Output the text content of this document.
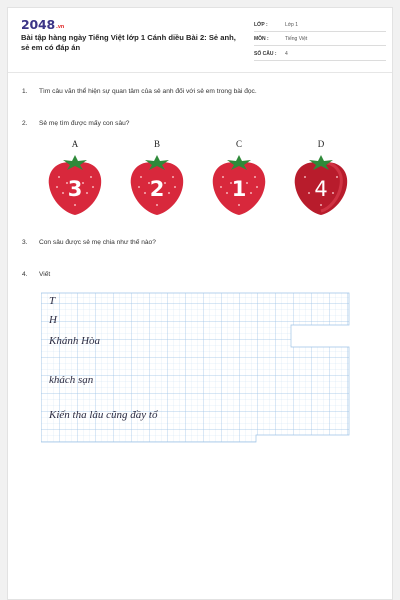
$2048^{.vn}$
Bài tập hàng ngày Tiếng Việt lớp 1 Cánh diều Bài 2: Sẻ anh, sẻ em có đáp án
LỚP :	Lớp 1
MÔN :	Tiếng Việt
SỐ CÂU :	4
1.	Tìm câu văn thể hiện sự quan tâm của sẻ anh đối với sẻ em trong bài đọc.
2.	Sẻ mẹ tìm được mấy con sâu?
A	B	C	D
3	2	1	4
3.	Con sâu được sẻ mẹ chia như thế nào?
4.	Viết
T
H
Khánh Hòa
khách sạn
Kiến tha lâu cũng đầy tổ
